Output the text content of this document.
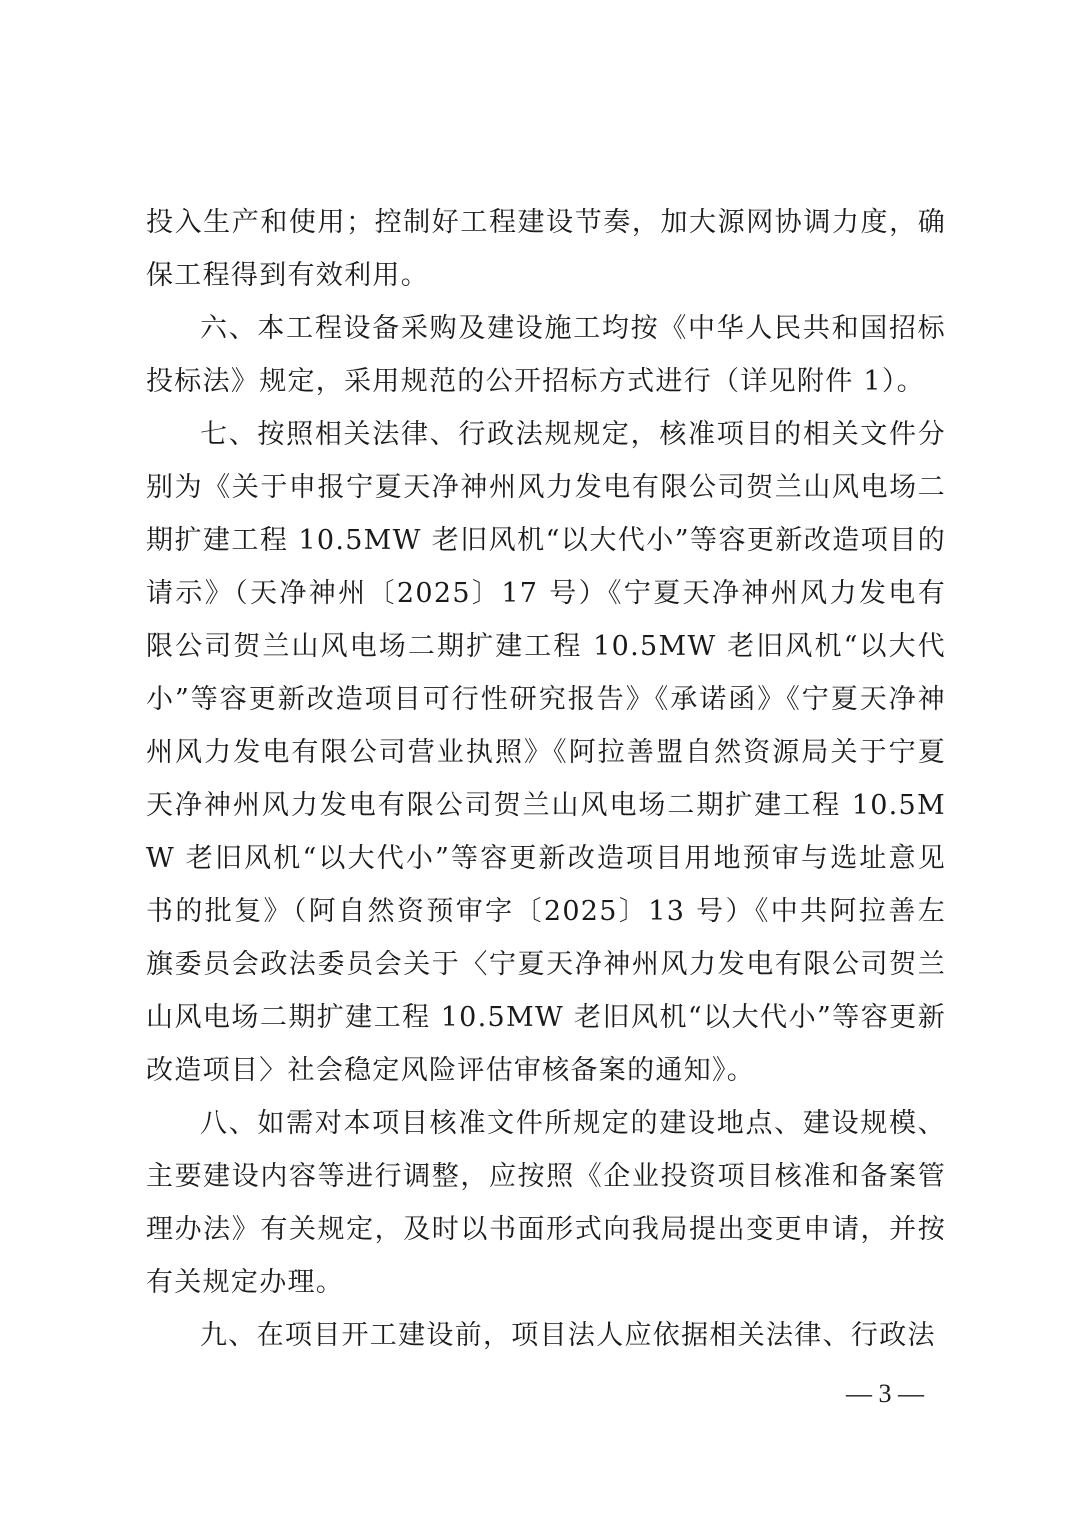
投入生产和使用；控制好工程建设节奏，加大源网协调力度，确保工程得到有效利用。

六、本工程设备采购及建设施工均按《中华人民共和国招标投标法》规定，采用规范的公开招标方式进行（详见附件 1）。

七、按照相关法律、行政法规规定，核准项目的相关文件分别为《关于申报宁夏天净神州风力发电有限公司贺兰山风电场二期扩建工程 10.5MW 老旧风机“以大代小”等容更新改造项目的请示》（天净神州〔2025〕17 号）《宁夏天净神州风力发电有限公司贺兰山风电场二期扩建工程 10.5MW 老旧风机“以大代小”等容更新改造项目可行性研究报告》《承诺函》《宁夏天净神州风力发电有限公司营业执照》《阿拉善盟自然资源局关于宁夏天净神州风力发电有限公司贺兰山风电场二期扩建工程 10.5MW 老旧风机“以大代小”等容更新改造项目用地预审与选址意见书的批复》（阿自然资预审字〔2025〕13 号）《中共阿拉善左旗委员会政法委员会关于〈宁夏天净神州风力发电有限公司贺兰山风电场二期扩建工程 10.5MW 老旧风机“以大代小”等容更新改造项目〉社会稳定风险评估审核备案的通知》。

八、如需对本项目核准文件所规定的建设地点、建设规模、主要建设内容等进行调整，应按照《企业投资项目核准和备案管理办法》有关规定，及时以书面形式向我局提出变更申请，并按有关规定办理。

九、在项目开工建设前，项目法人应依据相关法律、行政法

— 3 —
